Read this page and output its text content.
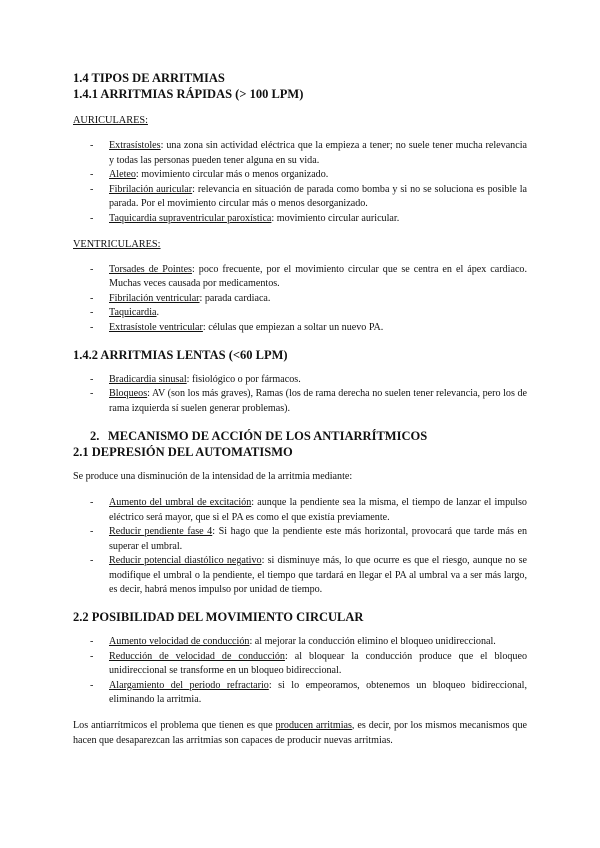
1.4 TIPOS DE ARRITMIAS
1.4.1 ARRITMIAS RÁPIDAS (> 100 LPM)

AURICULARES:

- Extrasístoles: una zona sin actividad eléctrica que la empieza a tener; no suele tener mucha relevancia y todas las personas pueden tener alguna en su vida.
- Aleteo: movimiento circular más o menos organizado.
- Fibrilación auricular: relevancia en situación de parada como bomba y si no se soluciona es posible la parada. Por el movimiento circular más o menos desorganizado.
- Taquicardia supraventricular paroxística: movimiento circular auricular.

VENTRICULARES:

- Torsades de Pointes: poco frecuente, por el movimiento circular que se centra en el ápex cardiaco. Muchas veces causada por medicamentos.
- Fibrilación ventricular: parada cardiaca.
- Taquicardia.
- Extrasístole ventricular: células que empiezan a soltar un nuevo PA.
1.4.2 ARRITMIAS LENTAS (<60 LPM)
- Bradicardia sinusal: fisiológico o por fármacos.
- Bloqueos: AV (son los más graves), Ramas (los de rama derecha no suelen tener relevancia, pero los de rama izquierda sí suelen generar problemas).
2. MECANISMO DE ACCIÓN DE LOS ANTIARRÍTMICOS
2.1 DEPRESIÓN DEL AUTOMATISMO

Se produce una disminución de la intensidad de la arritmia mediante:

- Aumento del umbral de excitación: aunque la pendiente sea la misma, el tiempo de lanzar el impulso eléctrico será mayor, que si el PA es como el que existía previamente.
- Reducir pendiente fase 4: Si hago que la pendiente este más horizontal, provocará que tarde más en superar el umbral.
- Reducir potencial diastólico negativo: si disminuye más, lo que ocurre es que el riesgo, aunque no se modifique el umbral o la pendiente, el tiempo que tardará en llegar el PA al umbral va a ser más largo, es decir, habrá menos impulso por unidad de tiempo.
2.2 POSIBILIDAD DEL MOVIMIENTO CIRCULAR
- Aumento velocidad de conducción: al mejorar la conducción elimino el bloqueo unidireccional.
- Reducción de velocidad de conducción: al bloquear la conducción produce que el bloqueo unidireccional se transforme en un bloqueo bidireccional.
- Alargamiento del periodo refractario: si lo empeoramos, obtenemos un bloqueo bidireccional, eliminando la arritmia.

Los antiarrítmicos el problema que tienen es que producen arritmias, es decir, por los mismos mecanismos que hacen que desaparezcan las arritmias son capaces de producir nuevas arritmias.
